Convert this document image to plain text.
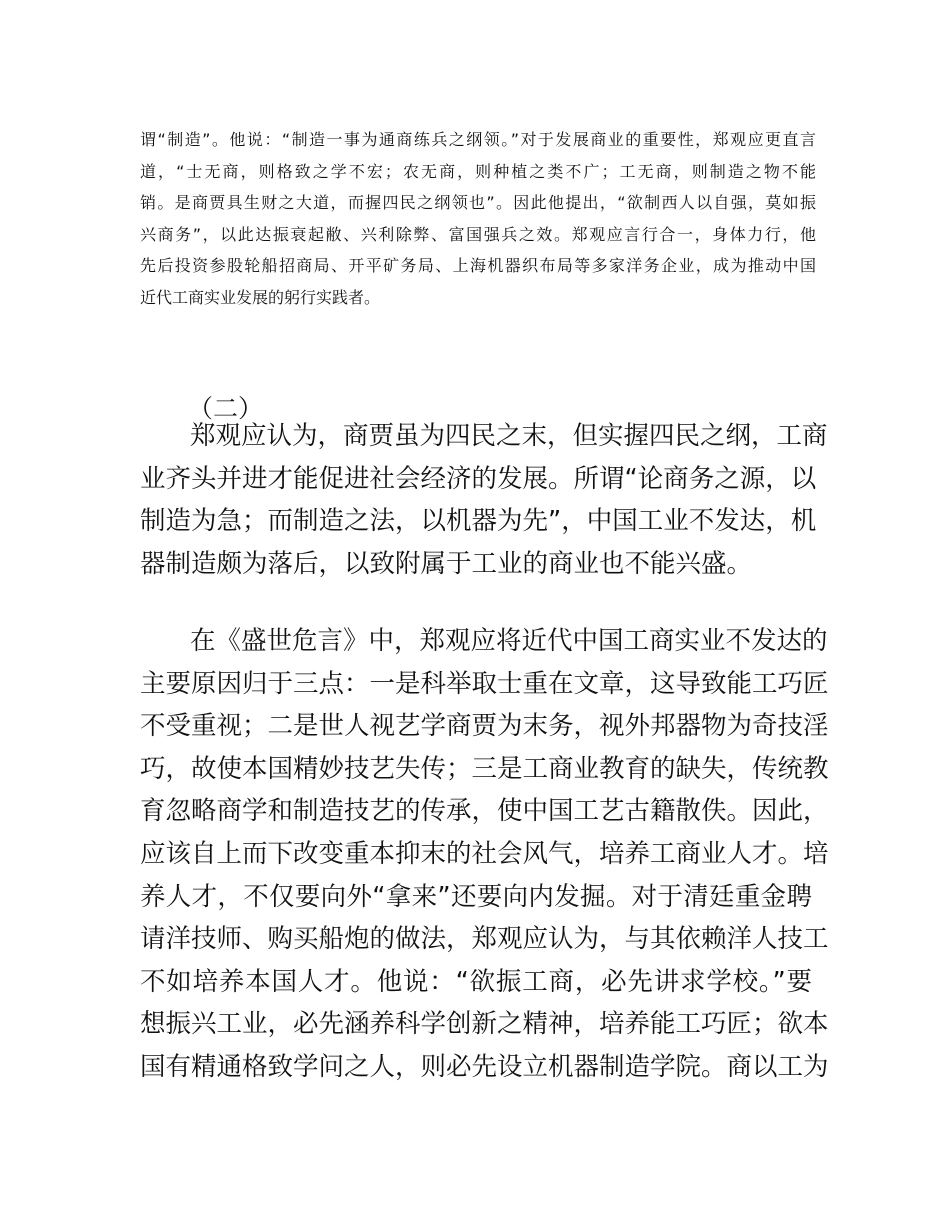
谓“制造”。他说：“制造一事为通商练兵之纲领。”对于发展商业的重要性，郑观应更直言
道，“士无商，则格致之学不宏；农无商，则种植之类不广；工无商，则制造之物不能
销。是商贾具生财之大道，而握四民之纲领也”。因此他提出，“欲制西人以自强，莫如振
兴商务”，以此达振衰起敝、兴利除弊、富国强兵之效。郑观应言行合一，身体力行，他
先后投资参股轮船招商局、开平矿务局、上海机器织布局等多家洋务企业，成为推动中国
近代工商实业发展的躬行实践者。
（二）
郑观应认为，商贾虽为四民之末，但实握四民之纲，工商
业齐头并进才能促进社会经济的发展。所谓“论商务之源，以
制造为急；而制造之法，以机器为先”，中国工业不发达，机
器制造颇为落后，以致附属于工业的商业也不能兴盛。
在《盛世危言》中，郑观应将近代中国工商实业不发达的
主要原因归于三点：一是科举取士重在文章，这导致能工巧匠
不受重视；二是世人视艺学商贾为末务，视外邦器物为奇技淫
巧，故使本国精妙技艺失传；三是工商业教育的缺失，传统教
育忽略商学和制造技艺的传承，使中国工艺古籍散佚。因此，
应该自上而下改变重本抑末的社会风气，培养工商业人才。培
养人才，不仅要向外“拿来”还要向内发掘。对于清廷重金聘
请洋技师、购买船炮的做法，郑观应认为，与其依赖洋人技工
不如培养本国人才。他说：“欲振工商，必先讲求学校。”要
想振兴工业，必先涵养科学创新之精神，培养能工巧匠；欲本
国有精通格致学问之人，则必先设立机器制造学院。商以工为
